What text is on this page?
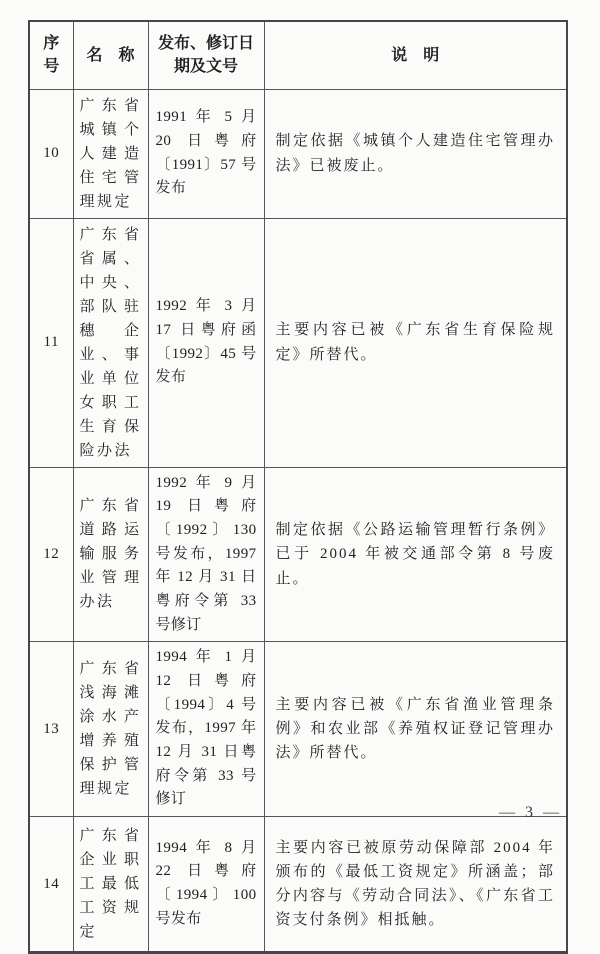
序　号	名　称	发布、修订日期及文号	说　明
10	广东省城镇个人建造住宅管理规定	1991 年 5 月 20 日粤府〔1991〕57 号发布	制定依据《城镇个人建造住宅管理办法》已被废止。
11	广东省省属、中央、部队驻穗企业、事业单位女职工生育保险办法	1992 年 3 月 17 日粤府函〔1992〕45 号发布	主要内容已被《广东省生育保险规定》所替代。
12	广东省道路运输服务业管理办法	1992 年 9 月 19 日粤府〔1992〕130 号发布，1997 年 12 月 31 日粤府令第 33 号修订	制定依据《公路运输管理暂行条例》已于 2004 年被交通部令第 8 号废止。
13	广东省浅海滩涂水产增养殖保护管理规定	1994 年 1 月 12 日粤府〔1994〕4 号发布，1997 年 12 月 31 日粤府令第 33 号修订	主要内容已被《广东省渔业管理条例》和农业部《养殖权证登记管理办法》所替代。
14	广东省企业职工最低工资规定	1994 年 8 月 22 日粤府〔1994〕100 号发布	主要内容已被原劳动保障部 2004 年颁布的《最低工资规定》所涵盖；部分内容与《劳动合同法》、《广东省工资支付条例》相抵触。
— 3 —
